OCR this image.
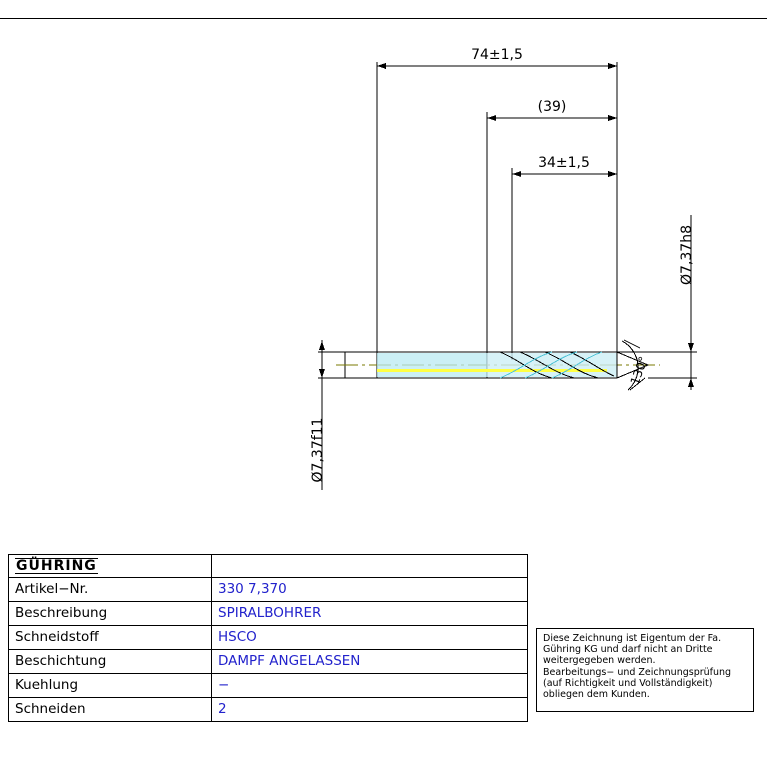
74±1,5
(39)
34±1,5
Ø7,37f11
Ø7,37h8
130°
GÜHRING	
Artikel−Nr.	330 7,370
Beschreibung	SPIRALBOHRER
Schneidstoff	HSCO
Beschichtung	DAMPF ANGELASSEN
Kuehlung	−
Schneiden	2

Diese Zeichnung ist Eigentum der Fa.

Gühring KG und darf nicht an Dritte

weitergegeben werden.

Bearbeitungs− und Zeichnungsprüfung

(auf Richtigkeit und Vollständigkeit)

obliegen dem Kunden.
